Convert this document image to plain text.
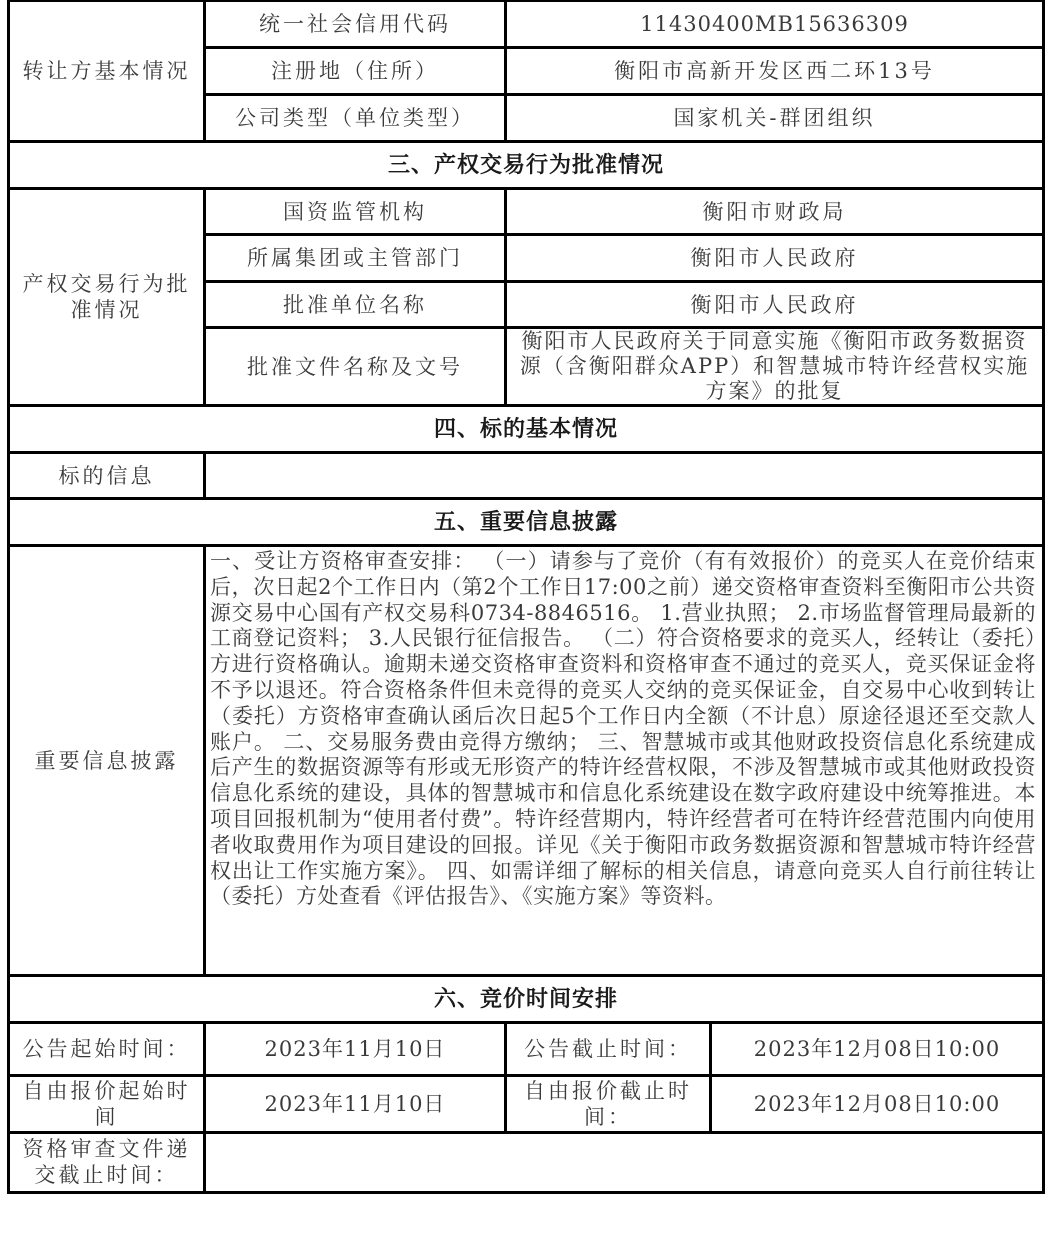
转让方基本情况	统一社会信用代码	11430400MB15636309	
	注册地（住所）	衡阳市高新开发区西二环13号	
	公司类型（单位类型）	国家机关-群团组织	
三、产权交易行为批准情况			
产权交易行为批准情况	国资监管机构	衡阳市财政局	
	所属集团或主管部门	衡阳市人民政府	
	批准单位名称	衡阳市人民政府	
	批准文件名称及文号	衡阳市人民政府关于同意实施《衡阳市政务数据资源（含衡阳群众APP）和智慧城市特许经营权实施方案》的批复	
四、标的基本情况			
标的信息			
五、重要信息披露			
重要信息披露	一、受让方资格审查安排： （一）请参与了竞价（有有效报价）的竞买人在竞价结束后，次日起2个工作日内（第2个工作日17:00之前）递交资格审查资料至衡阳市公共资源交易中心国有产权交易科0734-8846516。 1.营业执照； 2.市场监督管理局最新的工商登记资料； 3.人民银行征信报告。 （二）符合资格要求的竞买人，经转让（委托）方进行资格确认。逾期未递交资格审查资料和资格审查不通过的竞买人，竞买保证金将不予以退还。符合资格条件但未竞得的竞买人交纳的竞买保证金，自交易中心收到转让（委托）方资格审查确认函后次日起5个工作日内全额（不计息）原途径退还至交款人账户。 二、交易服务费由竞得方缴纳； 三、智慧城市或其他财政投资信息化系统建成后产生的数据资源等有形或无形资产的特许经营权限，不涉及智慧城市或其他财政投资信息化系统的建设，具体的智慧城市和信息化系统建设在数字政府建设中统筹推进。本项目回报机制为“使用者付费”。特许经营期内，特许经营者可在特许经营范围内向使用者收取费用作为项目建设的回报。详见《关于衡阳市政务数据资源和智慧城市特许经营权出让工作实施方案》。 四、如需详细了解标的相关信息，请意向竞买人自行前往转让（委托）方处查看《评估报告》、《实施方案》等资料。		
六、竞价时间安排			
公告起始时间：	2023年11月10日	公告截止时间：	2023年12月08日10:00
自由报价起始时间	2023年11月10日	自由报价截止时间：	2023年12月08日10:00
资格审查文件递交截止时间：			
